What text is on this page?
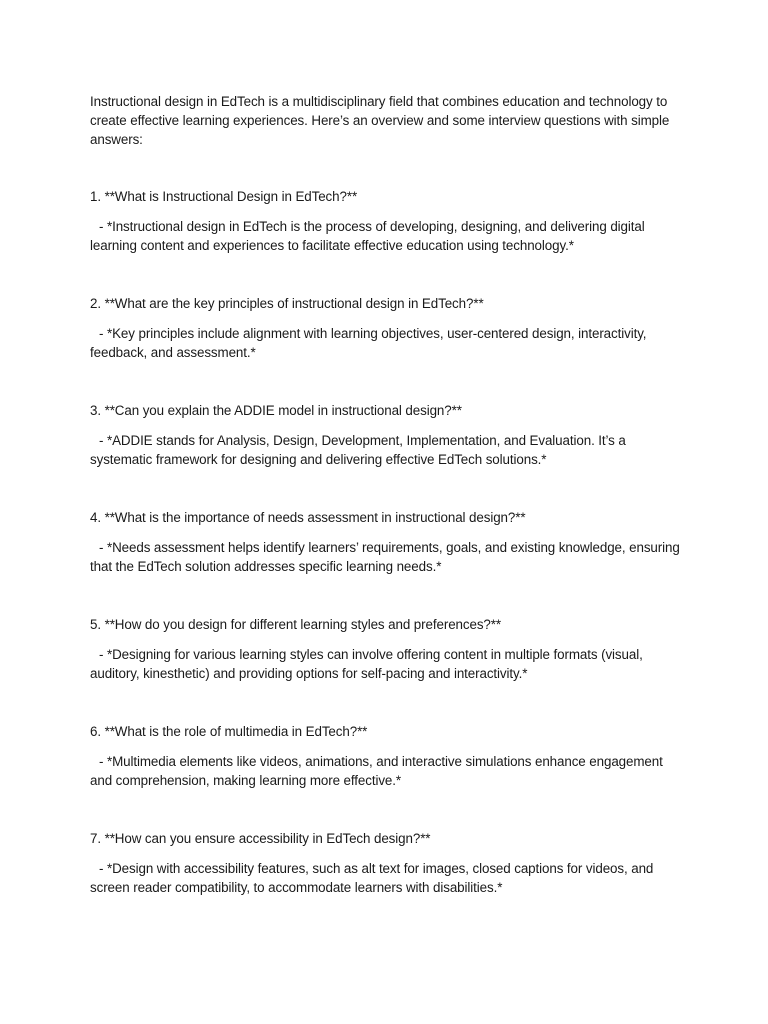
Instructional design in EdTech is a multidisciplinary field that combines education and technology to create effective learning experiences. Here’s an overview and some interview questions with simple answers:

1. **What is Instructional Design in EdTech?**

- *Instructional design in EdTech is the process of developing, designing, and delivering digital learning content and experiences to facilitate effective education using technology.*

2. **What are the key principles of instructional design in EdTech?**

- *Key principles include alignment with learning objectives, user-centered design, interactivity, feedback, and assessment.*

3. **Can you explain the ADDIE model in instructional design?**

- *ADDIE stands for Analysis, Design, Development, Implementation, and Evaluation. It’s a systematic framework for designing and delivering effective EdTech solutions.*

4. **What is the importance of needs assessment in instructional design?**

- *Needs assessment helps identify learners’ requirements, goals, and existing knowledge, ensuring that the EdTech solution addresses specific learning needs.*

5. **How do you design for different learning styles and preferences?**

- *Designing for various learning styles can involve offering content in multiple formats (visual, auditory, kinesthetic) and providing options for self-pacing and interactivity.*

6. **What is the role of multimedia in EdTech?**

- *Multimedia elements like videos, animations, and interactive simulations enhance engagement and comprehension, making learning more effective.*

7. **How can you ensure accessibility in EdTech design?**

- *Design with accessibility features, such as alt text for images, closed captions for videos, and screen reader compatibility, to accommodate learners with disabilities.*
